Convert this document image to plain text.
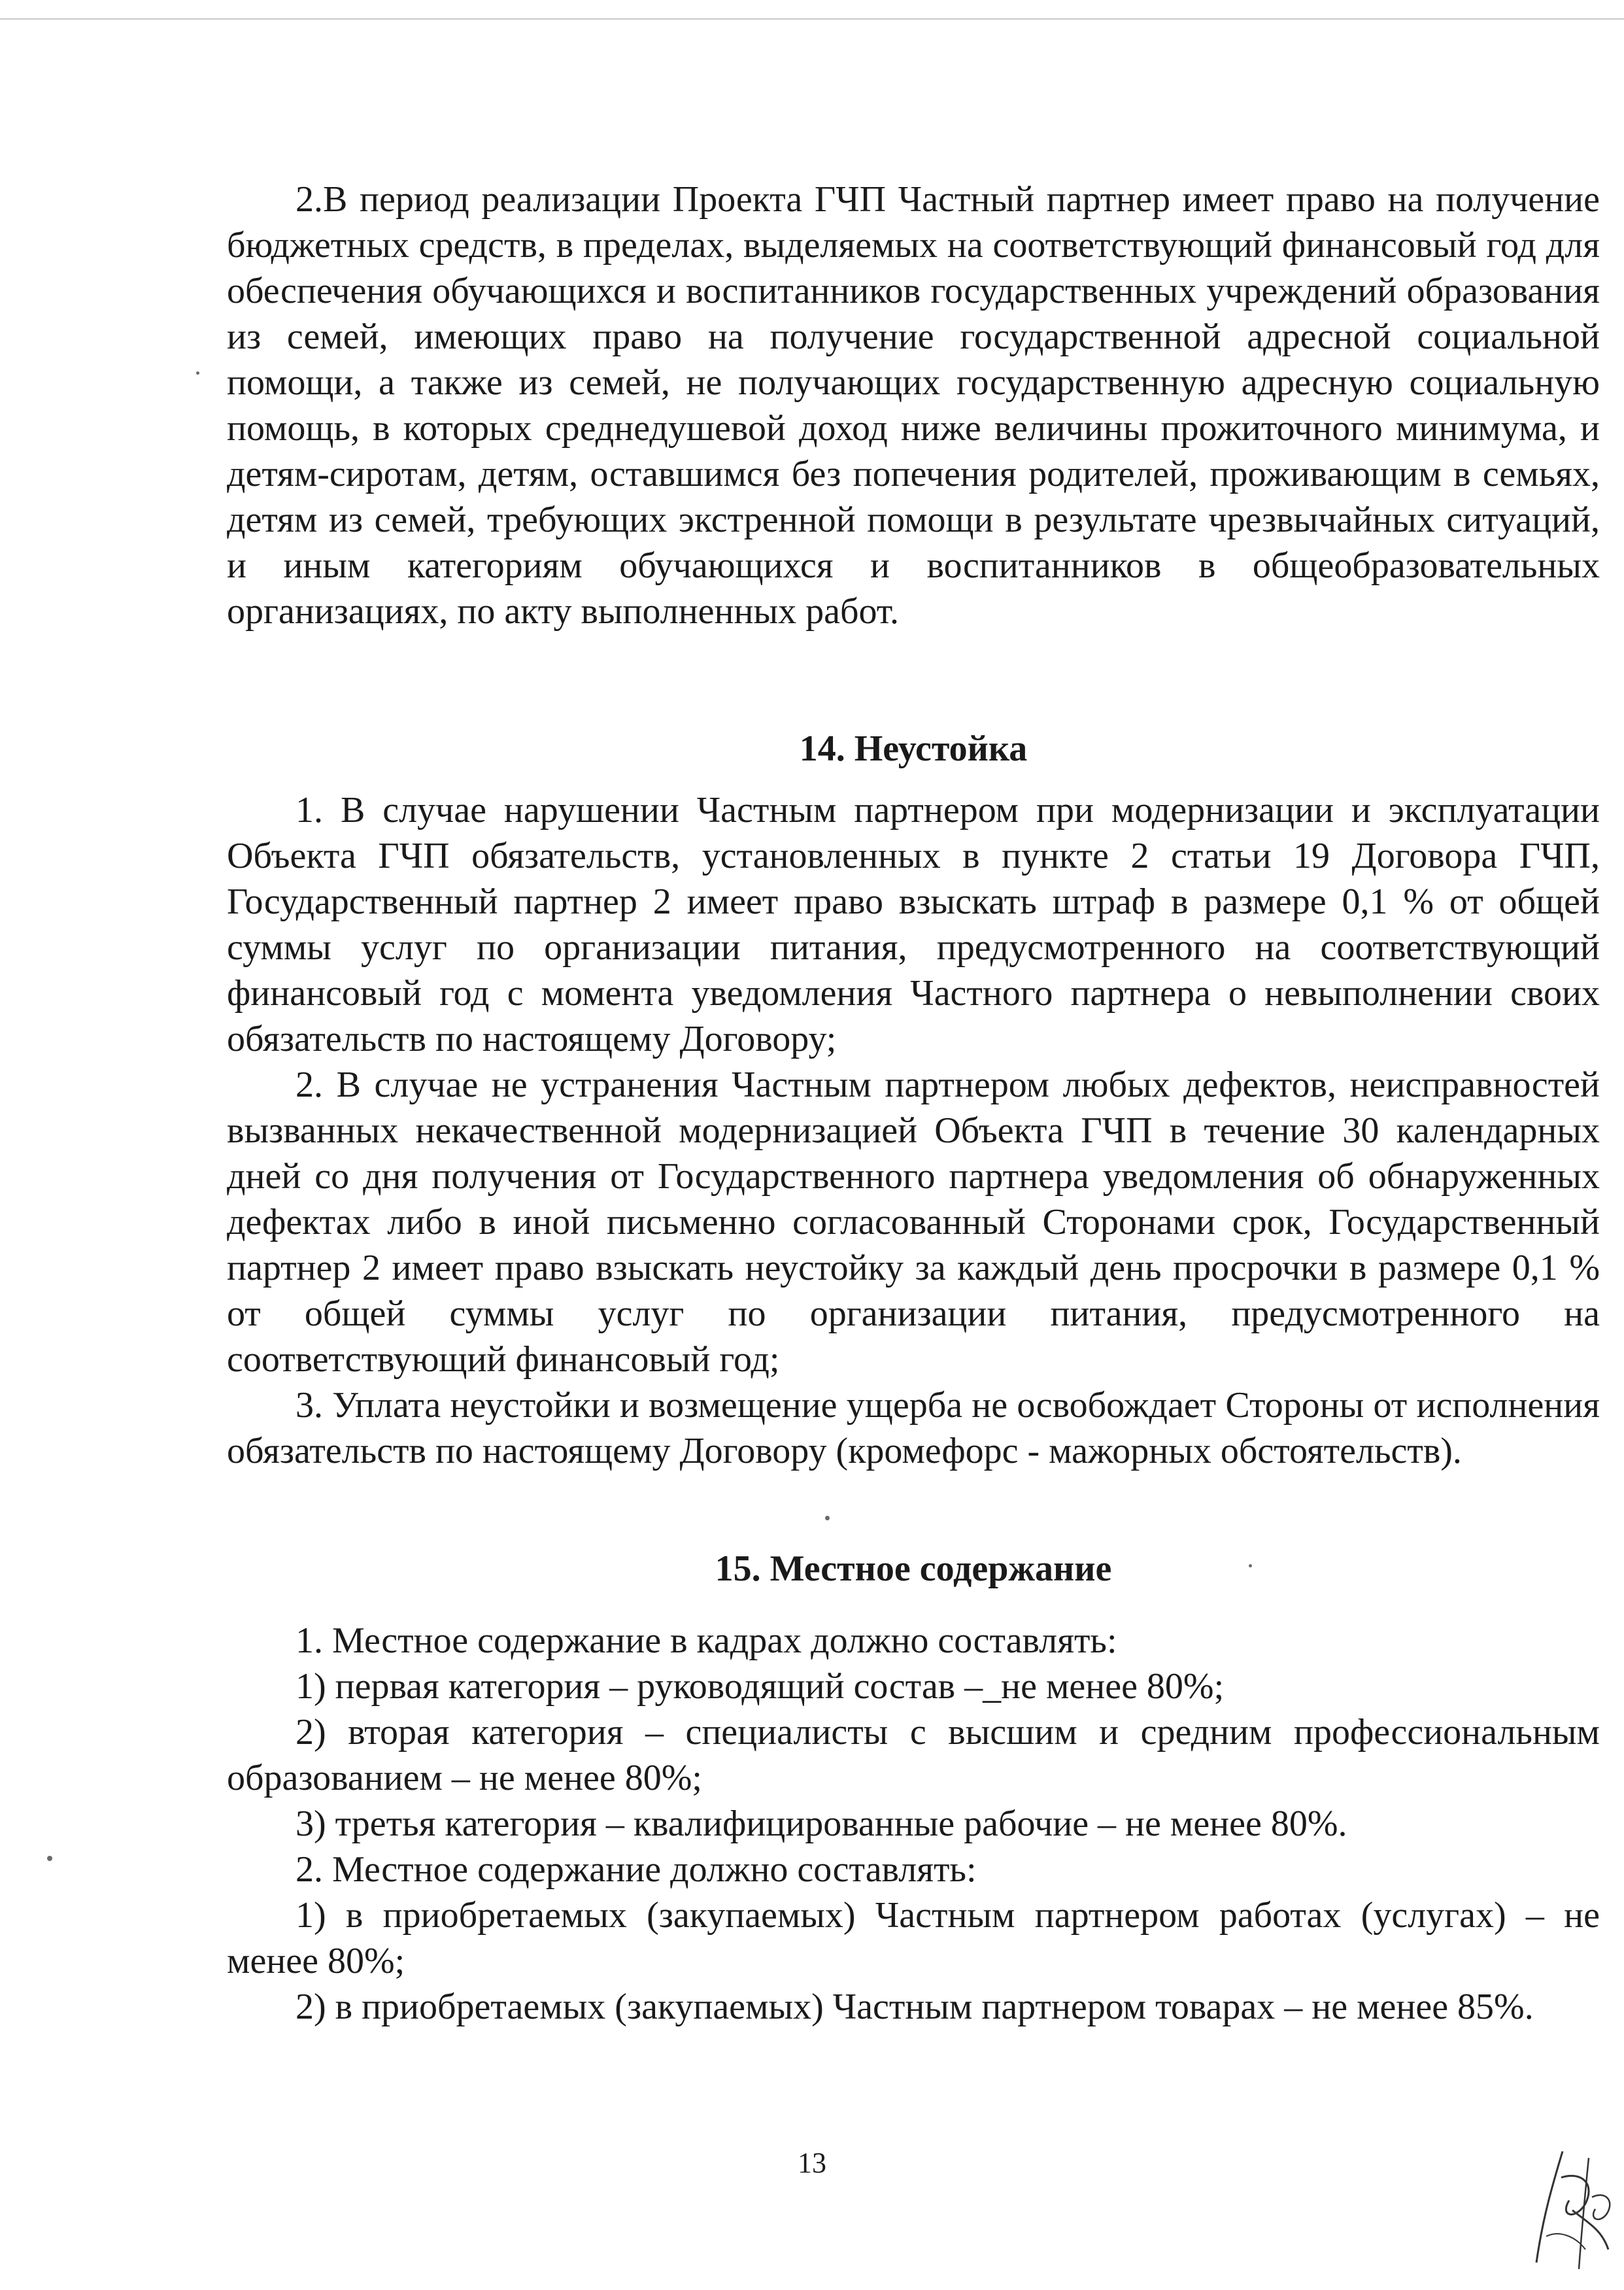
2.В период реализации Проекта ГЧП Частный партнер имеет право на получение бюджетных средств, в пределах, выделяемых на соответствующий финансовый год для обеспечения обучающихся и воспитанников государственных учреждений образования из семей, имеющих право на получение государственной адресной социальной помощи, а также из семей, не получающих государственную адресную социальную помощь, в которых среднедушевой доход ниже величины прожиточного минимума, и детям-сиротам, детям, оставшимся без попечения родителей, проживающим в семьях, детям из семей, требующих экстренной помощи в результате чрезвычайных ситуаций, и иным категориям обучающихся и воспитанников в общеобразовательных организациях, по акту выполненных работ.

14. Неустойка

1. В случае нарушении Частным партнером при модернизации и эксплуатации Объекта ГЧП обязательств, установленных в пункте 2 статьи 19 Договора ГЧП, Государственный партнер 2 имеет право взыскать штраф в размере 0,1 % от общей суммы услуг по организации питания, предусмотренного на соответствующий финансовый год с момента уведомления Частного партнера о невыполнении своих обязательств по настоящему Договору;

2. В случае не устранения Частным партнером любых дефектов, неисправностей вызванных некачественной модернизацией Объекта ГЧП в течение 30 календарных дней со дня получения от Государственного партнера уведомления об обнаруженных дефектах либо в иной письменно согласованный Сторонами срок, Государственный партнер 2 имеет право взыскать неустойку за каждый день просрочки в размере 0,1 % от общей суммы услуг по организации питания, предусмотренного на соответствующий финансовый год;

3. Уплата неустойки и возмещение ущерба не освобождает Стороны от исполнения обязательств по настоящему Договору (кромефорс - мажорных обстоятельств).

15. Местное содержание

1. Местное содержание в кадрах должно составлять:

1) первая категория – руководящий состав –_не менее 80%;

2) вторая категория – специалисты с высшим и средним профессиональным образованием – не менее 80%;

3) третья категория – квалифицированные рабочие – не менее 80%.

2. Местное содержание должно составлять:

1) в приобретаемых (закупаемых) Частным партнером работах (услугах) – не менее 80%;

2) в приобретаемых (закупаемых) Частным партнером товарах – не менее 85%.

13
